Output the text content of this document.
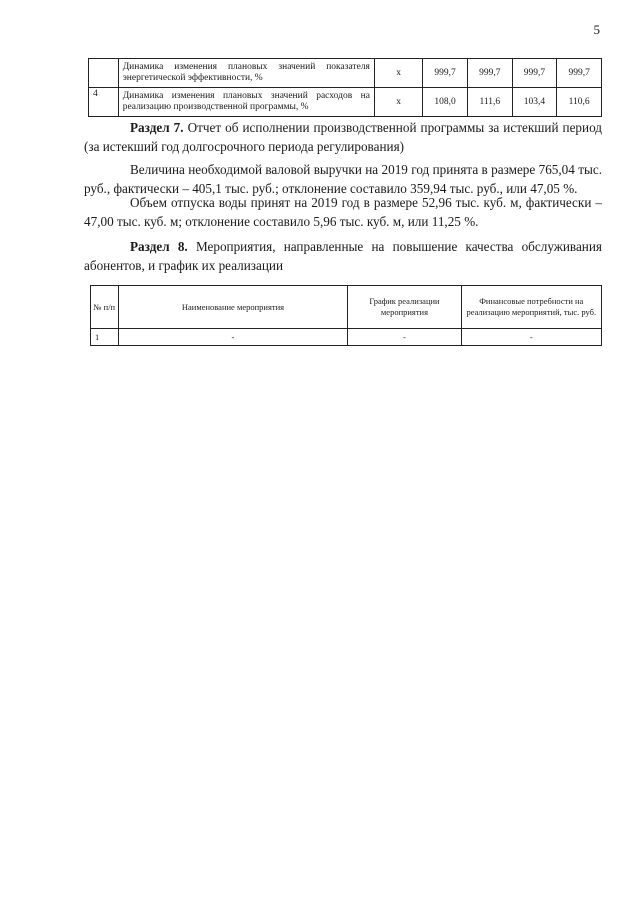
5
	Динамика изменения плановых значений показателя энергетической эффективности, %	х	999,7	999,7	999,7	999,7
4	Динамика изменения плановых значений расходов на реализацию производственной программы, %	х	108,0	111,6	103,4	110,6

Раздел 7. Отчет об исполнении производственной программы за истекший период (за истекший год долгосрочного периода регулирования)

Величина необходимой валовой выручки на 2019 год принята в размере 765,04 тыс. руб., фактически – 405,1 тыс. руб.; отклонение составило 359,94 тыс. руб., или 47,05 %.

Объем отпуска воды принят на 2019 год в размере 52,96 тыс. куб. м, фактически – 47,00 тыс. куб. м; отклонение составило 5,96 тыс. куб. м, или 11,25 %.

Раздел 8. Мероприятия, направленные на повышение качества обслуживания абонентов, и график их реализации

№ п/п	Наименование мероприятия	График реализации мероприятия	Финансовые потребности на реализацию мероприятий, тыс. руб.
1	-	-	-
